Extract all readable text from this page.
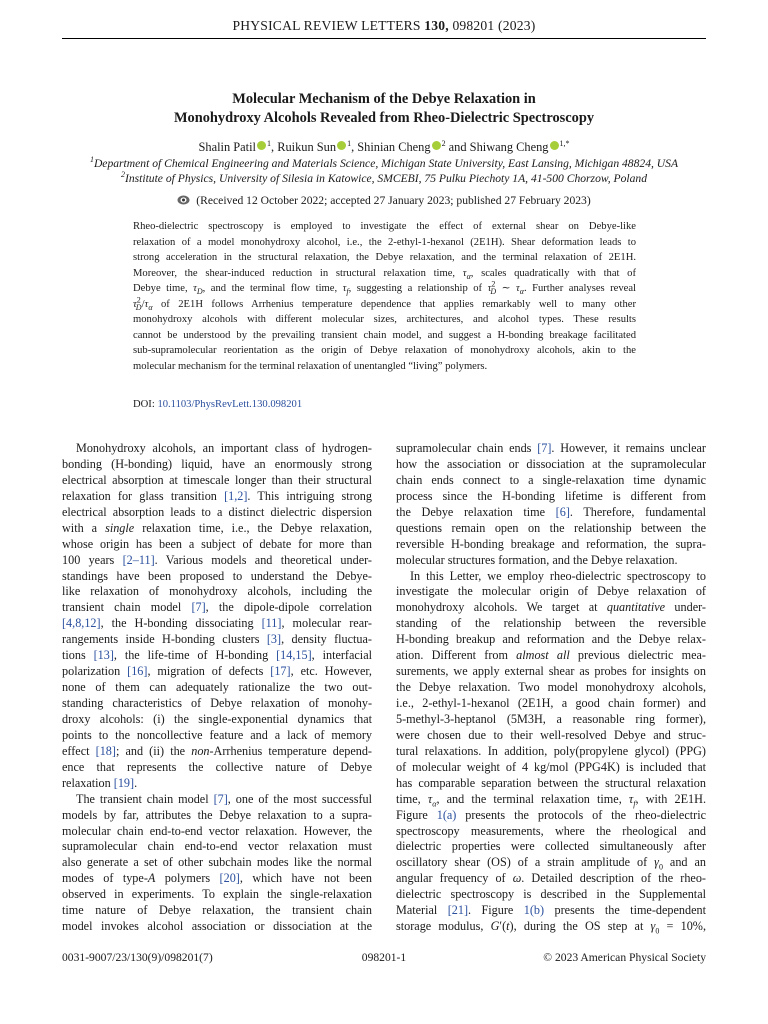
PHYSICAL REVIEW LETTERS 130, 098201 (2023)
Molecular Mechanism of the Debye Relaxation in
Monohydroxy Alcohols Revealed from Rheo-Dielectric Spectroscopy
Shalin Patil $^1$, Ruikun Sun $^1$, Shinian Cheng $^2$ and Shiwang Cheng $^{1,*}$
$^1$Department of Chemical Engineering and Materials Science, Michigan State University, East Lansing, Michigan 48824, USA
$^2$Institute of Physics, University of Silesia in Katowice, SMCEBI, 75 Pulku Piechoty 1A, 41-500 Chorzow, Poland
(Received 12 October 2022; accepted 27 January 2023; published 27 February 2023)
Rheo-dielectric spectroscopy is employed to investigate the effect of external shear on Debye-like
relaxation of a model monohydroxy alcohol, i.e., the 2-ethyl-1-hexanol (2E1H). Shear deformation leads to
strong acceleration in the structural relaxation, the Debye relaxation, and the terminal relaxation of 2E1H.
Moreover, the shear-induced reduction in structural relaxation time, $\tau_\alpha$, scales quadratically with that of
Debye time, $\tau_D$, and the terminal flow time, $\tau_f$, suggesting a relationship of $\tau^2_D$ ∼ $\tau_\alpha$. Further analyses reveal
$\tau^2_D/\tau_\alpha$ of 2E1H follows Arrhenius temperature dependence that applies remarkably well to many other
monohydroxy alcohols with different molecular sizes, architectures, and alcohol types. These results
cannot be understood by the prevailing transient chain model, and suggest a H-bonding breakage facilitated
sub-supramolecular reorientation as the origin of Debye relaxation of monohydroxy alcohols, akin to the
molecular mechanism for the terminal relaxation of unentangled “living” polymers.
DOI: 10.1103/PhysRevLett.130.098201
Monohydroxy alcohols, an important class of hydrogen-
bonding (H-bonding) liquid, have an enormously strong
electrical absorption at timescale longer than their structural
relaxation for glass transition [1,2]. This intriguing strong
electrical absorption leads to a distinct dielectric dispersion
with a single relaxation time, i.e., the Debye relaxation,
whose origin has been a subject of debate for more than
100 years [2–11]. Various models and theoretical under-
standings have been proposed to understand the Debye-
like relaxation of monohydroxy alcohols, including the
transient chain model [7], the dipole-dipole correlation
[4,8,12], the H-bonding dissociating [11], molecular rear-
rangements inside H-bonding clusters [3], density fluctua-
tions [13], the life-time of H-bonding [14,15], interfacial
polarization [16], migration of defects [17], etc. However,
none of them can adequately rationalize the two out-
standing characteristics of Debye relaxation of monohy-
droxy alcohols: (i) the single-exponential dynamics that
points to the noncollective feature and a lack of memory
effect [18]; and (ii) the non-Arrhenius temperature depend-
ence that represents the collective nature of Debye
relaxation [19].
The transient chain model [7], one of the most successful
models by far, attributes the Debye relaxation to a supra-
molecular chain end-to-end vector relaxation. However, the
supramolecular chain end-to-end vector relaxation must
also generate a set of other subchain modes like the normal
modes of type-A polymers [20], which have not been
observed in experiments. To explain the single-relaxation
time nature of Debye relaxation, the transient chain
model invokes alcohol association or dissociation at the
supramolecular chain ends [7]. However, it remains unclear
how the association or dissociation at the supramolecular
chain ends connect to a single-relaxation time dynamic
process since the H-bonding lifetime is different from
the Debye relaxation time [6]. Therefore, fundamental
questions remain open on the relationship between the
reversible H-bonding breakage and reformation, the supra-
molecular structures formation, and the Debye relaxation.
In this Letter, we employ rheo-dielectric spectroscopy to
investigate the molecular origin of Debye relaxation of
monohydroxy alcohols. We target at quantitative under-
standing of the relationship between the reversible
H-bonding breakup and reformation and the Debye relax-
ation. Different from almost all previous dielectric mea-
surements, we apply external shear as probes for insights on
the Debye relaxation. Two model monohydroxy alcohols,
i.e., 2-ethyl-1-hexanol (2E1H, a good chain former) and
5-methyl-3-heptanol (5M3H, a reasonable ring former),
were chosen due to their well-resolved Debye and struc-
tural relaxations. In addition, poly(propylene glycol) (PPG)
of molecular weight of 4 kg/mol (PPG4K) is included that
has comparable separation between the structural relaxation
time, $\tau_\alpha$, and the terminal relaxation time, $\tau_f$, with 2E1H.
Figure 1(a) presents the protocols of the rheo-dielectric
spectroscopy measurements, where the rheological and
dielectric properties were collected simultaneously after
oscillatory shear (OS) of a strain amplitude of $\gamma_0$ and an
angular frequency of ω. Detailed description of the rheo-
dielectric spectroscopy is described in the Supplemental
Material [21]. Figure 1(b) presents the time-dependent
storage modulus, G′(t), during the OS step at $\gamma_0 = 10\%$,
0031-9007/23/130(9)/098201(7)	098201-1	© 2023 American Physical Society
